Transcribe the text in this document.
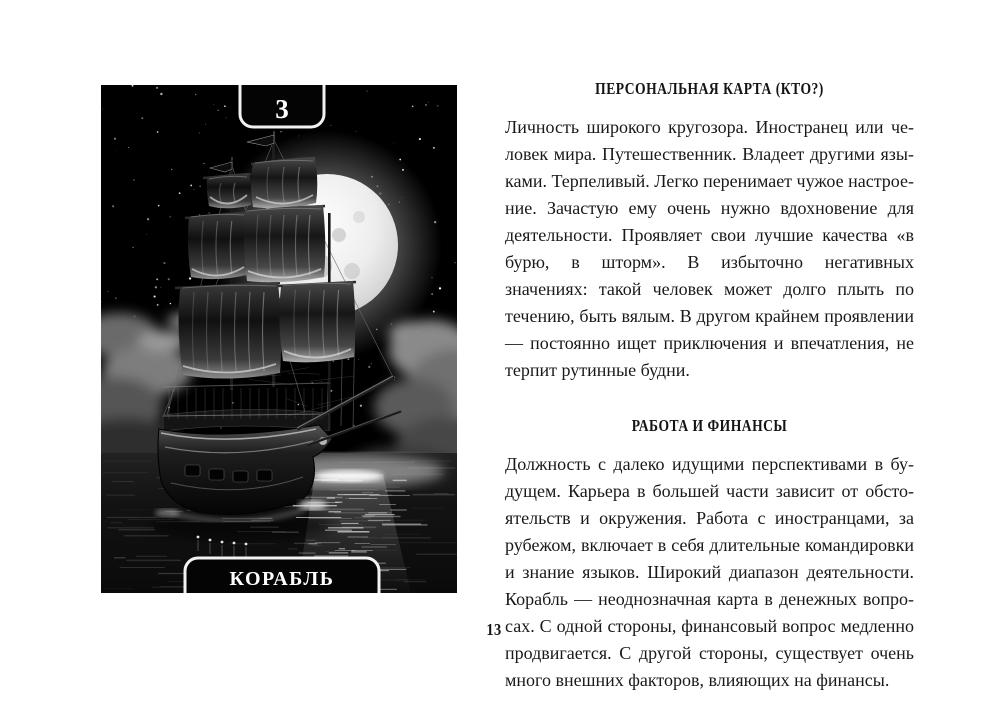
3
КОРАБЛЬ
ПЕРСОНАЛЬНАЯ КАРТА (КТО?)

Личность широкого кругозора. Иностранец или человек мира. Путешественник. Владеет другими языками. Терпеливый. Легко перенимает чужое настроение. Зачастую ему очень нужно вдохновение для деятельности. Проявляет свои лучшие качества «в бурю, в шторм». В избыточно негативных значениях: такой человек может долго плыть по течению, быть вялым. В другом крайнем проявлении — постоянно ищет приключения и впечатления, не терпит рутинные будни.

РАБОТА И ФИНАНСЫ

Должность с далеко идущими перспективами в будущем. Карьера в большей части зависит от обстоятельств и окружения. Работа с иностранцами, за рубежом, включает в себя длительные командировки и знание языков. Широкий диапазон деятельности. Корабль — неоднозначная карта в денежных вопросах. С одной стороны, финансовый вопрос медленно продвигается. С другой стороны, существует очень много внешних факторов, влияющих на финансы.

13
